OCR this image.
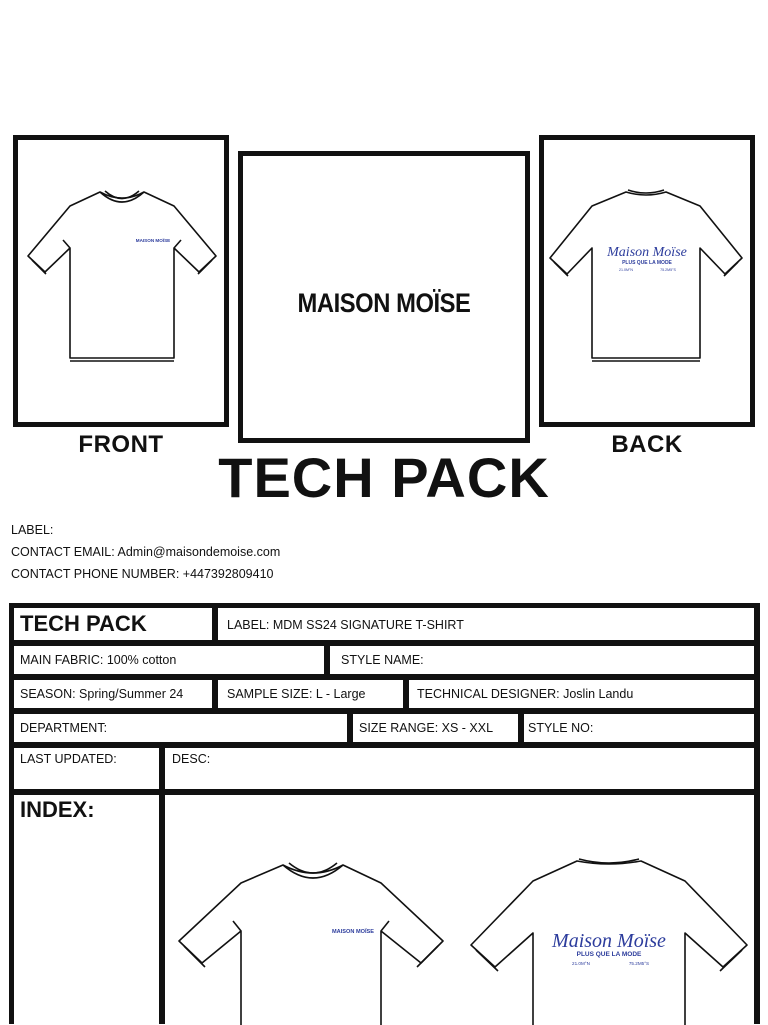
MAISON MOÏSE
FRONT
MAISON MOÏSE
Maison Moïse
PLUS QUE LA MODE
21.0M°N	75.2M5°S
BACK
TECH PACK
LABEL:
CONTACT EMAIL: Admin@maisondemoise.com
CONTACT PHONE NUMBER: +447392809410
TECH PACK	LABEL: MDM SS24 SIGNATURE T-SHIRT
MAIN FABRIC: 100% cotton	STYLE NAME:
SEASON: Spring/Summer 24	SAMPLE SIZE: L - Large	TECHNICAL DESIGNER: Joslin Landu
DEPARTMENT:	SIZE RANGE: XS - XXL	STYLE NO:
LAST UPDATED:	DESC:
INDEX:
MAISON MOÏSE	Maison Moïse
PLUS QUE LA MODE
21.0M°N	75.2M5°S
